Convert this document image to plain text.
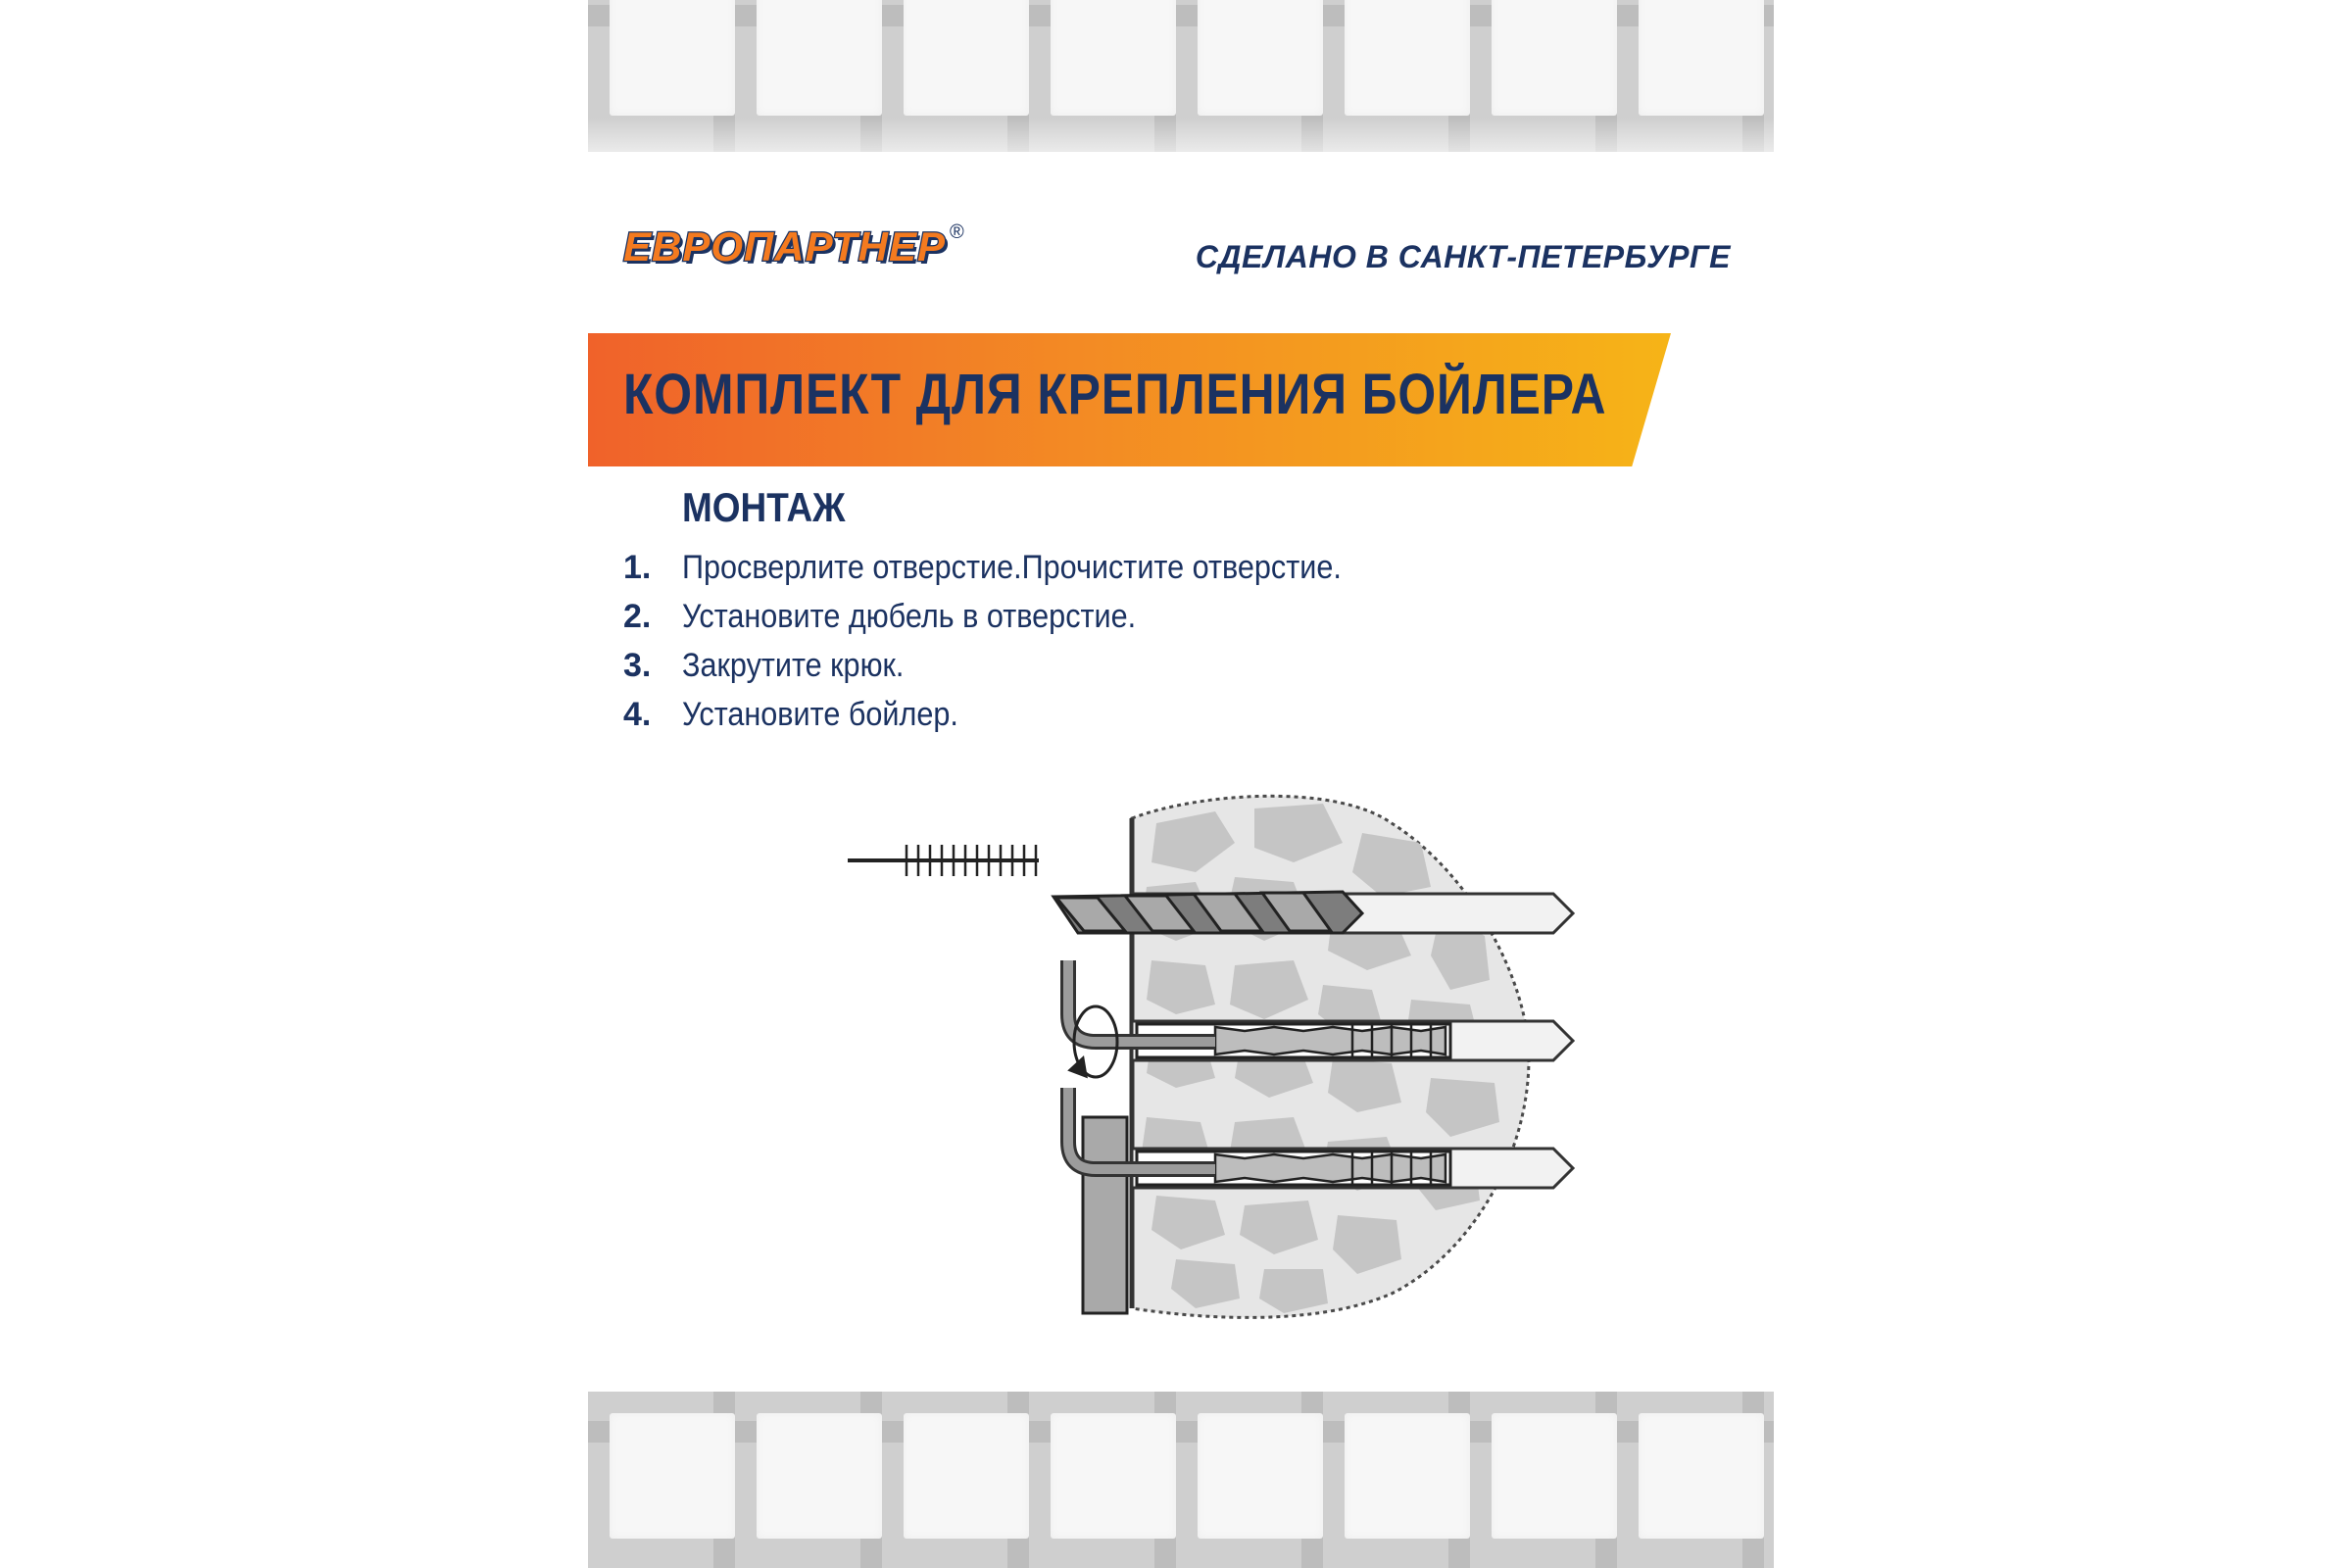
ЕВРОПАРТНЕР ®
СДЕЛАНО В САНКТ-ПЕТЕРБУРГЕ
КОМПЛЕКТ ДЛЯ КРЕПЛЕНИЯ БОЙЛЕРА
МОНТАЖ
1. Просверлите отверстие.Прочистите отверстие.
2. Установите дюбель в отверстие.
3. Закрутите крюк.
4. Установите бойлер.
